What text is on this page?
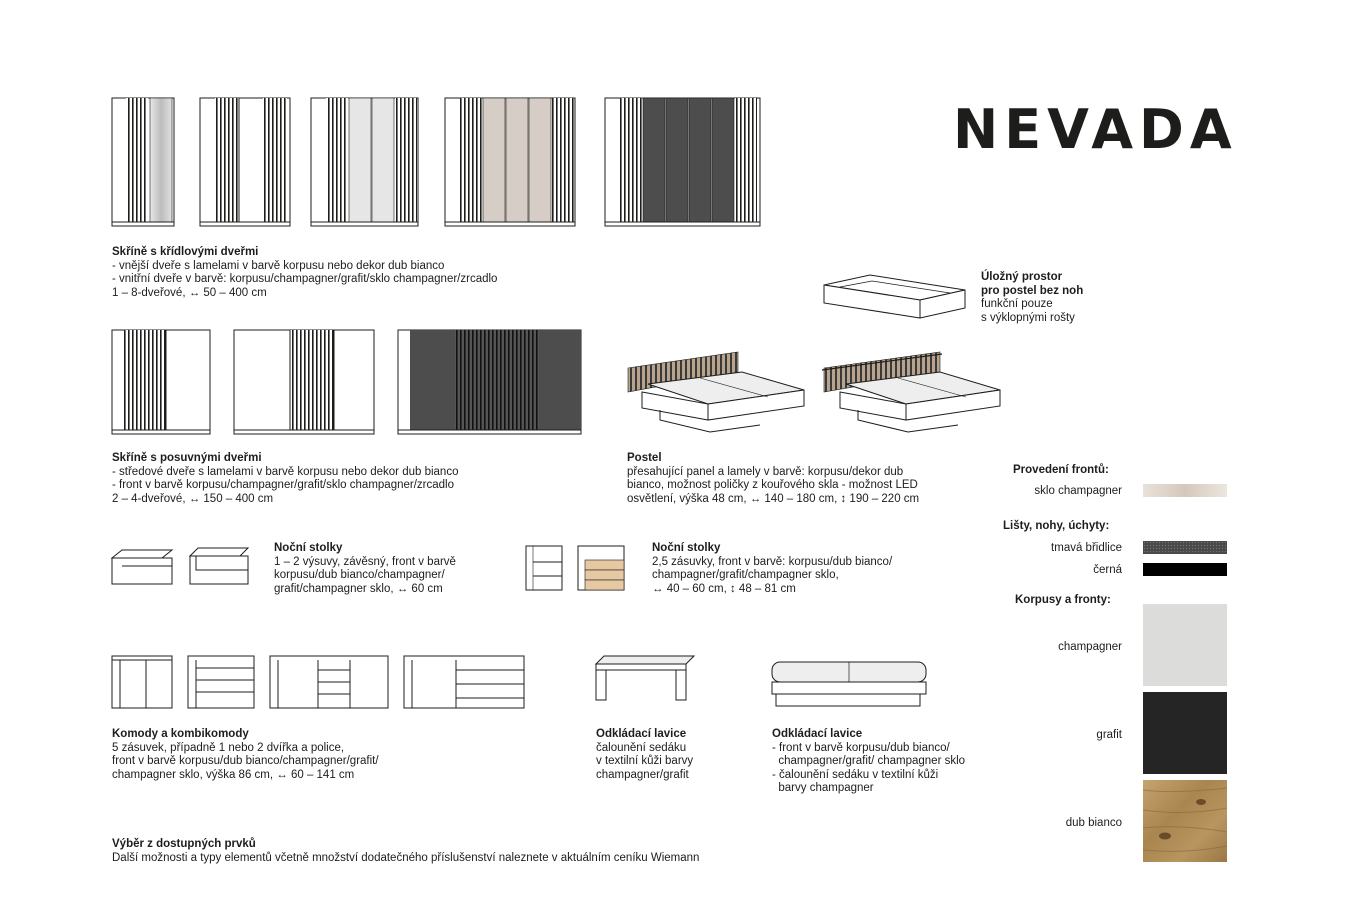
NEVADA
Skříně s křídlovými dveřmi
- vnější dveře s lamelami v barvě korpusu nebo dekor dub bianco
- vnitřní dveře v barvě: korpusu/champagner/grafit/sklo champagner/zrcadlo
1 – 8-dveřové, ↔ 50 – 400 cm
Skříně s posuvnými dveřmi
- středové dveře s lamelami v barvě korpusu nebo dekor dub bianco
- front v barvě korpusu/champagner/grafit/sklo champagner/zrcadlo
2 – 4-dveřové, ↔ 150 – 400 cm
Úložný prostor
pro postel bez noh
funkční pouze
s výklopnými rošty
Postel
přesahující panel a lamely v barvě: korpusu/dekor dub
bianco, možnost poličky z kouřového skla - možnost LED
osvětlení, výška 48 cm, ↔ 140 – 180 cm, ↕ 190 – 220 cm
Noční stolky
1 – 2 výsuvy, závěsný, front v barvě
korpusu/dub bianco/champagner/
grafit/champagner sklo, ↔ 60 cm
Noční stolky
2,5 zásuvky, front v barvě: korpusu/dub bianco/
champagner/grafit/champagner sklo,
↔ 40 – 60 cm, ↕ 48 – 81 cm
Komody a kombikomody
5 zásuvek, případně 1 nebo 2 dvířka a police,
front v barvě korpusu/dub bianco/champagner/grafit/
champagner sklo, výška 86 cm, ↔ 60 – 141 cm
Odkládací lavice
čalounění sedáku
v textilní kůži barvy
champagner/grafit
Odkládací lavice
- front v barvě korpusu/dub bianco/
champagner/grafit/ champagner sklo
- čalounění sedáku v textilní kůži
barvy champagner
Výběr z dostupných prvků
Další možnosti a typy elementů včetně množství dodatečného příslušenství naleznete v aktuálním ceníku Wiemann
Provedení frontů:
sklo champagner
Lišty, nohy, úchyty:
tmavá břidlice
černá
Korpusy a fronty:
champagner
grafit
dub bianco
